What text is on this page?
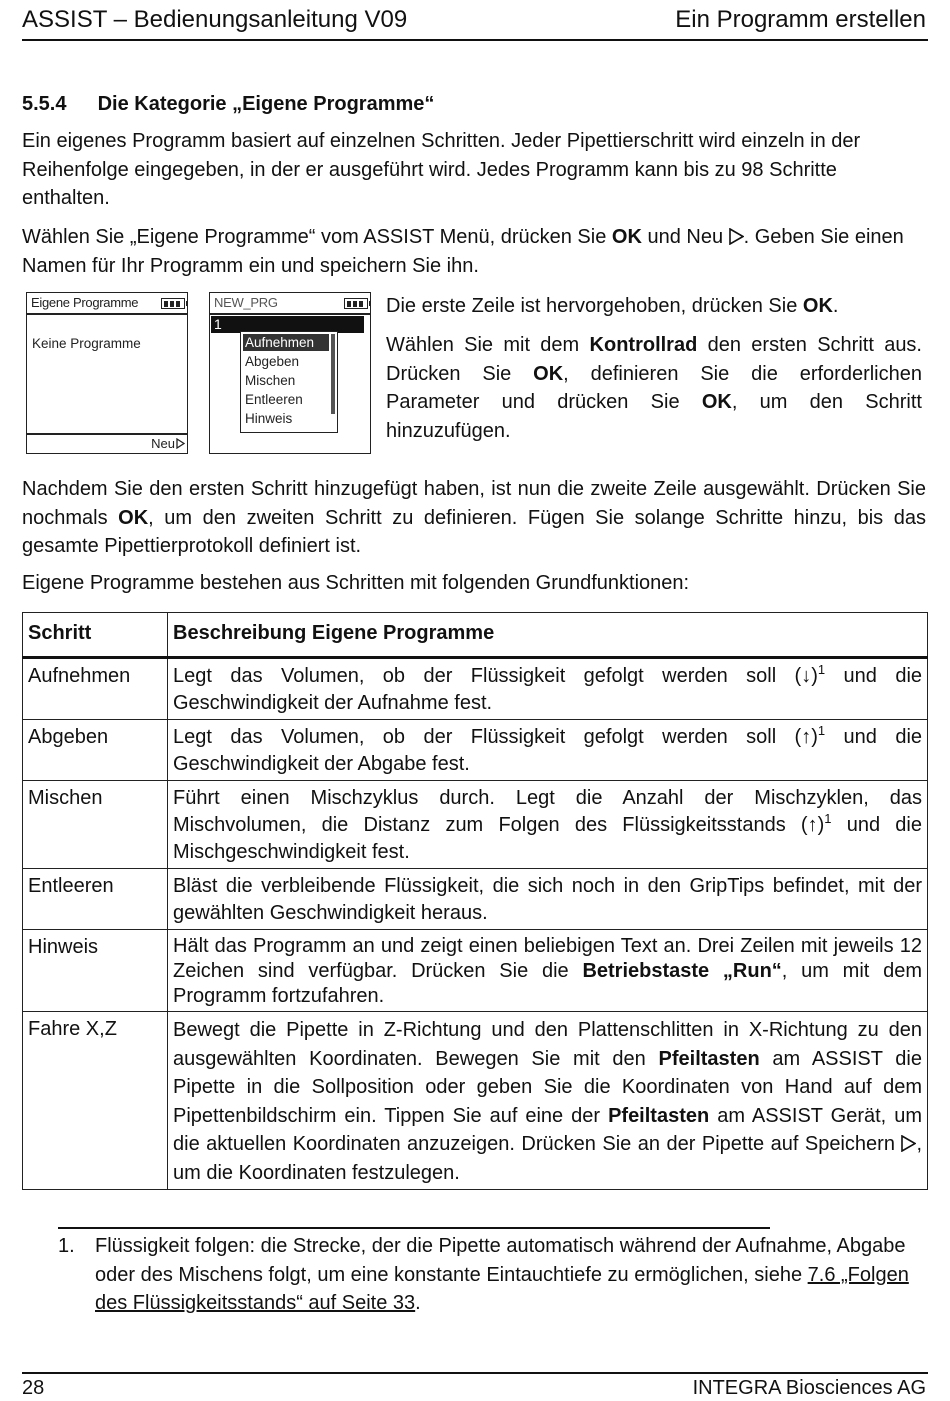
ASSIST – Bedienungsanleitung V09	Ein Programm erstellen
5.5.4 Die Kategorie „Eigene Programme“

Ein eigenes Programm basiert auf einzelnen Schritten. Jeder Pipettierschritt wird einzeln in der Reihenfolge eingegeben, in der er ausgeführt wird. Jedes Programm kann bis zu 98 Schritte enthalten.

Wählen Sie „Eigene Programme“ vom ASSIST Menü, drücken Sie OK und Neu
. Geben Sie einen Namen für Ihr Programm ein und speichern Sie ihn.

Eigene Programme
Keine Programme
Neu
NEW_PRG
1
Aufnehmen
Abgeben
Mischen
Entleeren
Hinweis

Die erste Zeile ist hervorgehoben, drücken Sie OK.

Wählen Sie mit dem Kontrollrad den ersten Schritt aus. Drücken Sie OK, definieren Sie die erforderlichen Parameter und drücken Sie OK, um den Schritt hinzuzufügen.

Nachdem Sie den ersten Schritt hinzugefügt haben, ist nun die zweite Zeile ausgewählt. Drücken Sie nochmals OK, um den zweiten Schritt zu definieren. Fügen Sie solange Schritte hinzu, bis das gesamte Pipettierprotokoll definiert ist.

Eigene Programme bestehen aus Schritten mit folgenden Grundfunktionen:

Schritt	Beschreibung Eigene Programme
Aufnehmen	Legt das Volumen, ob der Flüssigkeit gefolgt werden soll (↓)$^1$ und die Geschwindigkeit der Aufnahme fest.
Abgeben	Legt das Volumen, ob der Flüssigkeit gefolgt werden soll (↑)$^1$ und die Geschwindigkeit der Abgabe fest.
Mischen	Führt einen Mischzyklus durch. Legt die Anzahl der Mischzyklen, das Mischvolumen, die Distanz zum Folgen des Flüssigkeitsstands (↑)$^1$ und die Mischgeschwindigkeit fest.
Entleeren	Bläst die verbleibende Flüssigkeit, die sich noch in den GripTips befindet, mit der gewählten Geschwindigkeit heraus.
Hinweis	Hält das Programm an und zeigt einen beliebigen Text an. Drei Zeilen mit jeweils 12 Zeichen sind verfügbar. Drücken Sie die Betriebstaste „Run“, um mit dem Programm fortzufahren.
Fahre X,Z	Bewegt die Pipette in Z-Richtung und den Plattenschlitten in X-Richtung zu den ausgewählten Koordinaten. Bewegen Sie mit den Pfeiltasten am ASSIST die Pipette in die Sollposition oder geben Sie die Koordinaten von Hand auf dem Pipettenbildschirm ein. Tippen Sie auf eine der Pfeiltasten am ASSIST Gerät, um die aktuellen Koordinaten anzuzeigen. Drücken Sie an der Pipette auf Speichern
, um die Koordinaten festzulegen.
1. Flüssigkeit folgen: die Strecke, der die Pipette automatisch während der Aufnahme, Abgabe oder des Mischens folgt, um eine konstante Eintauchtiefe zu ermöglichen, siehe 7.6 „Folgen des Flüssigkeitsstands“ auf Seite 33.
28	INTEGRA Biosciences AG
